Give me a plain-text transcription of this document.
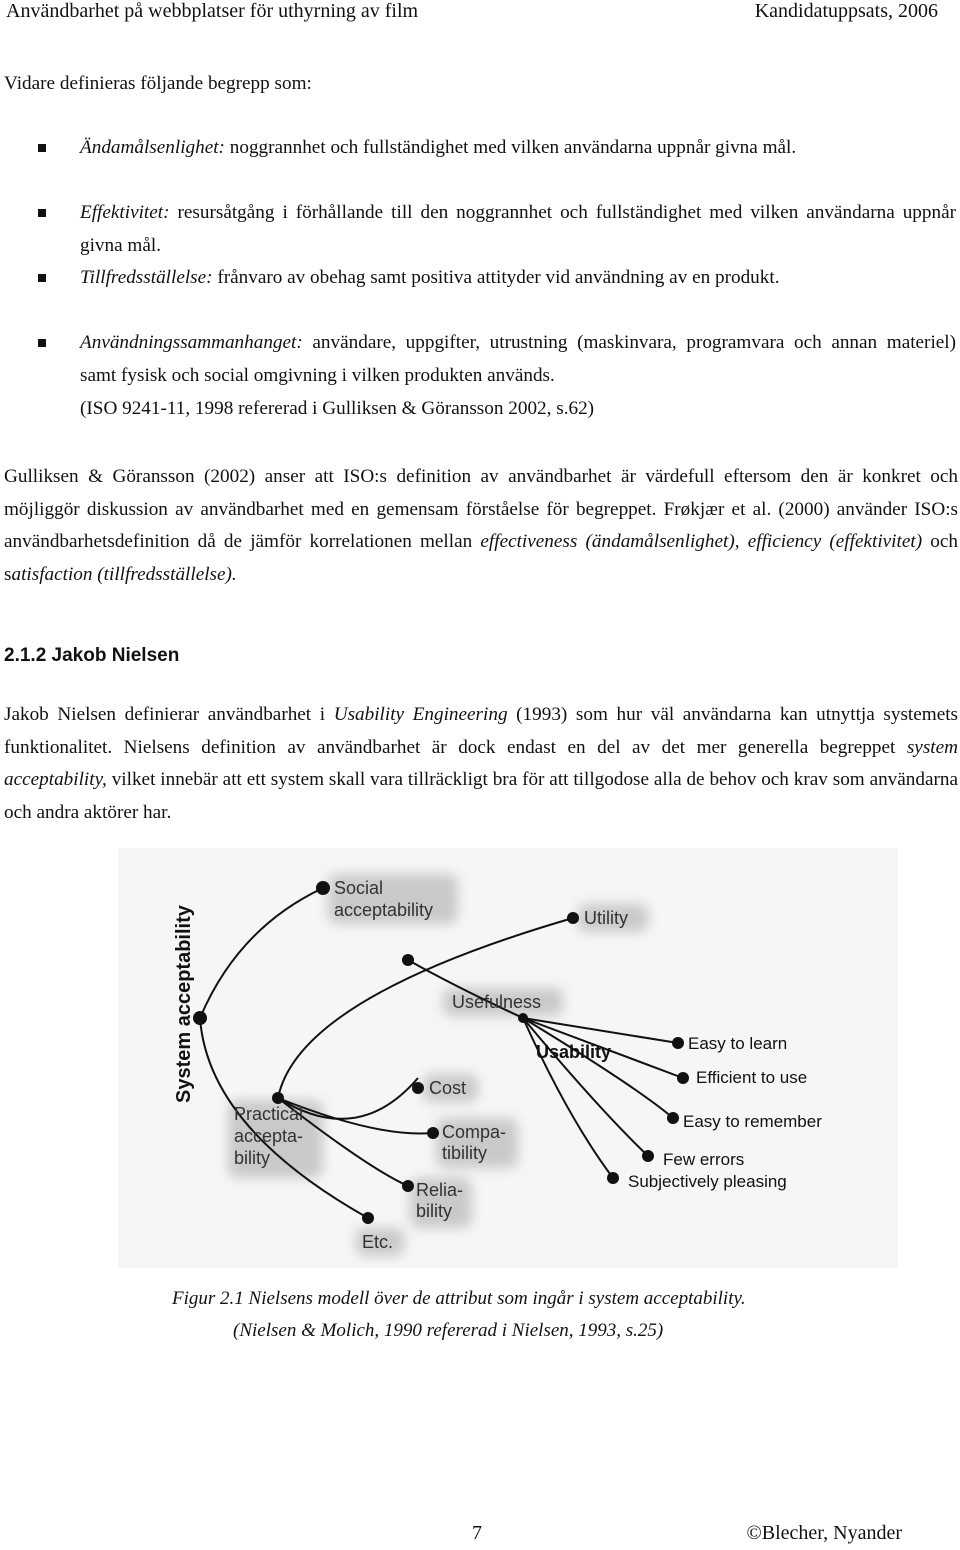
Användbarhet på webbplatser för uthyrning av film	Kandidatuppsats, 2006
Vidare definieras följande begrepp som:
Ändamålsenlighet: noggrannhet och fullständighet med vilken användarna uppnår givna mål.
Effektivitet: resursåtgång i förhållande till den noggrannhet och fullständighet med vilken användarna uppnår givna mål.
Tillfredsställelse: frånvaro av obehag samt positiva attityder vid användning av en produkt.
Användningssammanhanget: användare, uppgifter, utrustning (maskinvara, programvara och annan materiel) samt fysisk och social omgivning i vilken produkten används.
(ISO 9241-11, 1998 refererad i Gulliksen & Göransson 2002, s.62)
Gulliksen & Göransson (2002) anser att ISO:s definition av användbarhet är värdefull eftersom den är konkret och möjliggör diskussion av användbarhet med en gemensam förståelse för begreppet. Frøkjær et al. (2000) använder ISO:s användbarhetsdefinition då de jämför korrelationen mellan effectiveness (ändamålsenlighet), efficiency (effektivitet) och satisfaction (tillfredsställelse).
2.1.2 Jakob Nielsen
Jakob Nielsen definierar användbarhet i Usability Engineering (1993) som hur väl användarna kan utnyttja systemets funktionalitet. Nielsens definition av användbarhet är dock endast en del av det mer generella begreppet system acceptability, vilket innebär att ett system skall vara tillräckligt bra för att tillgodose alla de behov och krav som användarna och andra aktörer har.
System acceptability
Social
acceptability	Utility
Usefulness
Usability
Practical
accepta-
bility
Cost
Compa-
tibility
Relia-
bility
Etc.
Easy to learn
Efficient to use
Easy to remember
Few errors
Subjectively pleasing
Figur 2.1 Nielsens modell över de attribut som ingår i system acceptability.
(Nielsen & Molich, 1990 refererad i Nielsen, 1993, s.25)
7	©Blecher, Nyander
